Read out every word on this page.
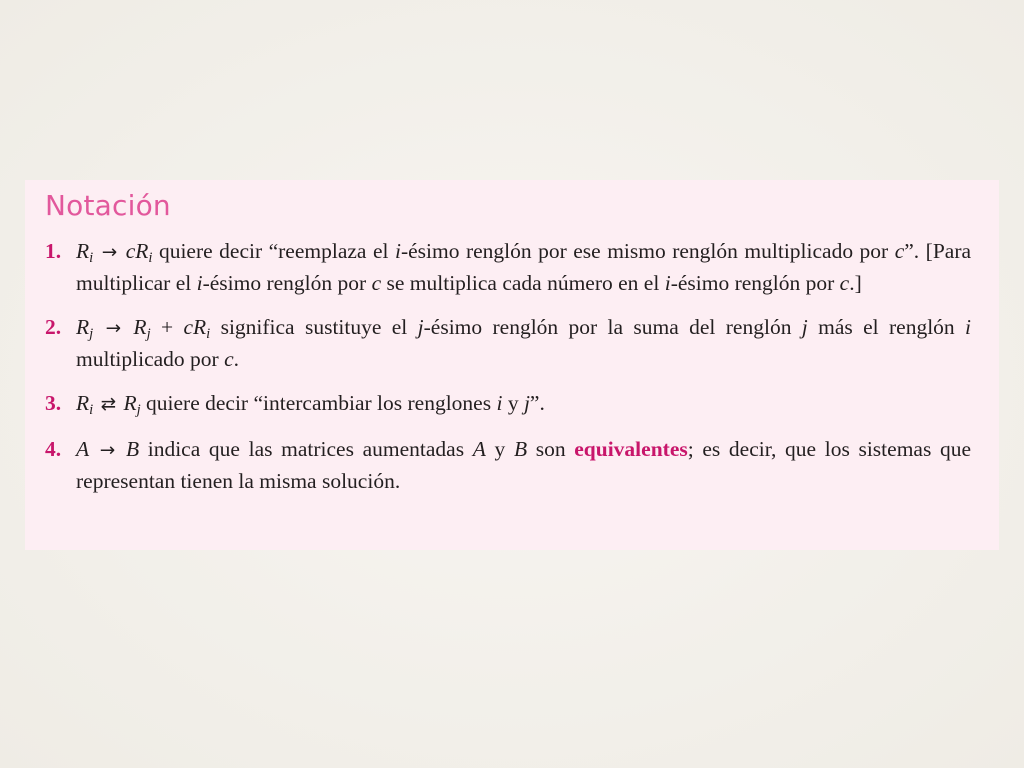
Notación
1. $R_i \to cR_i$ quiere decir “reemplaza el i-ésimo renglón por ese mismo renglón multiplicado por c”. [Para multiplicar el i-ésimo renglón por c se multiplica cada número en el i-ésimo renglón por c.]
2. $R_j \to R_j + cR_i$ significa sustituye el j-ésimo renglón por la suma del renglón j más el renglón i multiplicado por c.
3. $R_i$ ⇄ $R_j$ quiere decir “intercambiar los renglones i y j”.
4. A → B indica que las matrices aumentadas A y B son equivalentes; es decir, que los sistemas que representan tienen la misma solución.
